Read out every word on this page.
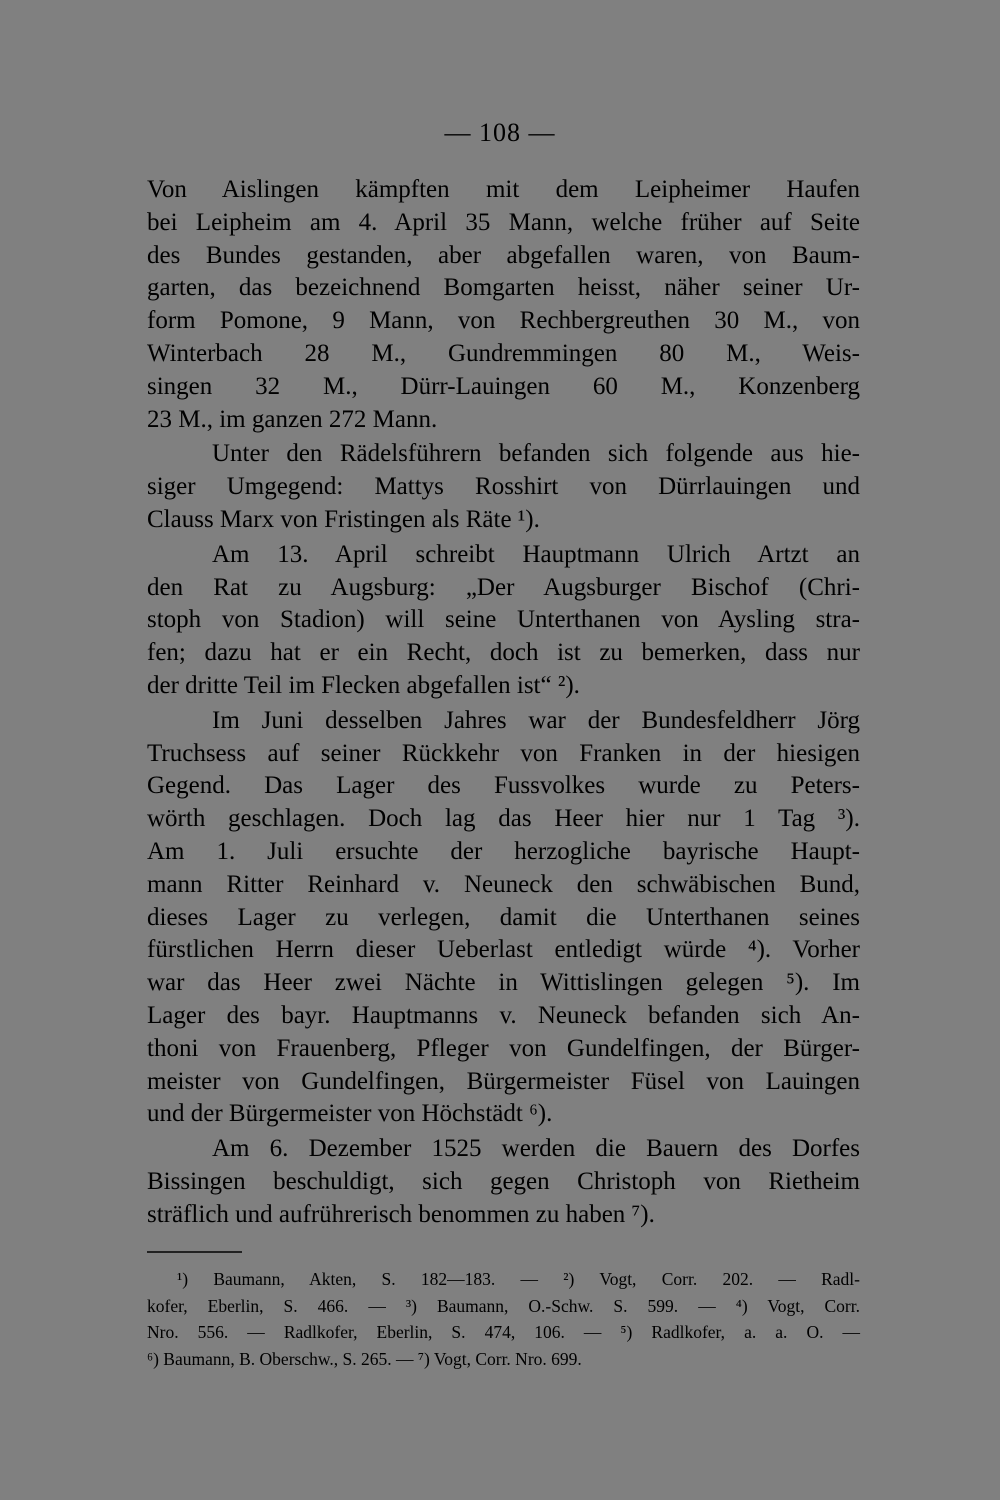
— 108 —

Von Aislingen kämpften mit dem Leipheimer Haufen
bei Leipheim am 4. April 35 Mann, welche früher auf Seite
des Bundes gestanden, aber abgefallen waren, von Baum-
garten, das bezeichnend Bomgarten heisst, näher seiner Ur-
form Pomone, 9 Mann, von Rechbergreuthen 30 M., von
Winterbach 28 M., Gundremmingen 80 M., Weis-
singen 32 M., Dürr-Lauingen 60 M., Konzenberg
23 M., im ganzen 272 Mann.

Unter den Rädelsführern befanden sich folgende aus hie-
siger Umgegend: Mattys Rosshirt von Dürrlauingen und
Clauss Marx von Fristingen als Räte ¹).

Am 13. April schreibt Hauptmann Ulrich Artzt an
den Rat zu Augsburg: „Der Augsburger Bischof (Chri-
stoph von Stadion) will seine Unterthanen von Aysling stra-
fen; dazu hat er ein Recht, doch ist zu bemerken, dass nur
der dritte Teil im Flecken abgefallen ist“ ²).

Im Juni desselben Jahres war der Bundesfeldherr Jörg
Truchsess auf seiner Rückkehr von Franken in der hiesigen
Gegend. Das Lager des Fussvolkes wurde zu Peters-
wörth geschlagen. Doch lag das Heer hier nur 1 Tag ³).
Am 1. Juli ersuchte der herzogliche bayrische Haupt-
mann Ritter Reinhard v. Neuneck den schwäbischen Bund,
dieses Lager zu verlegen, damit die Unterthanen seines
fürstlichen Herrn dieser Ueberlast entledigt würde ⁴). Vorher
war das Heer zwei Nächte in Wittislingen gelegen ⁵). Im
Lager des bayr. Hauptmanns v. Neuneck befanden sich An-
thoni von Frauenberg, Pfleger von Gundelfingen, der Bürger-
meister von Gundelfingen, Bürgermeister Füsel von Lauingen
und der Bürgermeister von Höchstädt ⁶).

Am 6. Dezember 1525 werden die Bauern des Dorfes
Bissingen beschuldigt, sich gegen Christoph von Rietheim
sträflich und aufrührerisch benommen zu haben ⁷).

¹) Baumann, Akten, S. 182—183. — ²) Vogt, Corr. 202. — Radl-
kofer, Eberlin, S. 466. — ³) Baumann, O.-Schw. S. 599. — ⁴) Vogt, Corr.
Nro. 556. — Radlkofer, Eberlin, S. 474, 106. — ⁵) Radlkofer, a. a. O. —
⁶) Baumann, B. Oberschw., S. 265. — ⁷) Vogt, Corr. Nro. 699.
